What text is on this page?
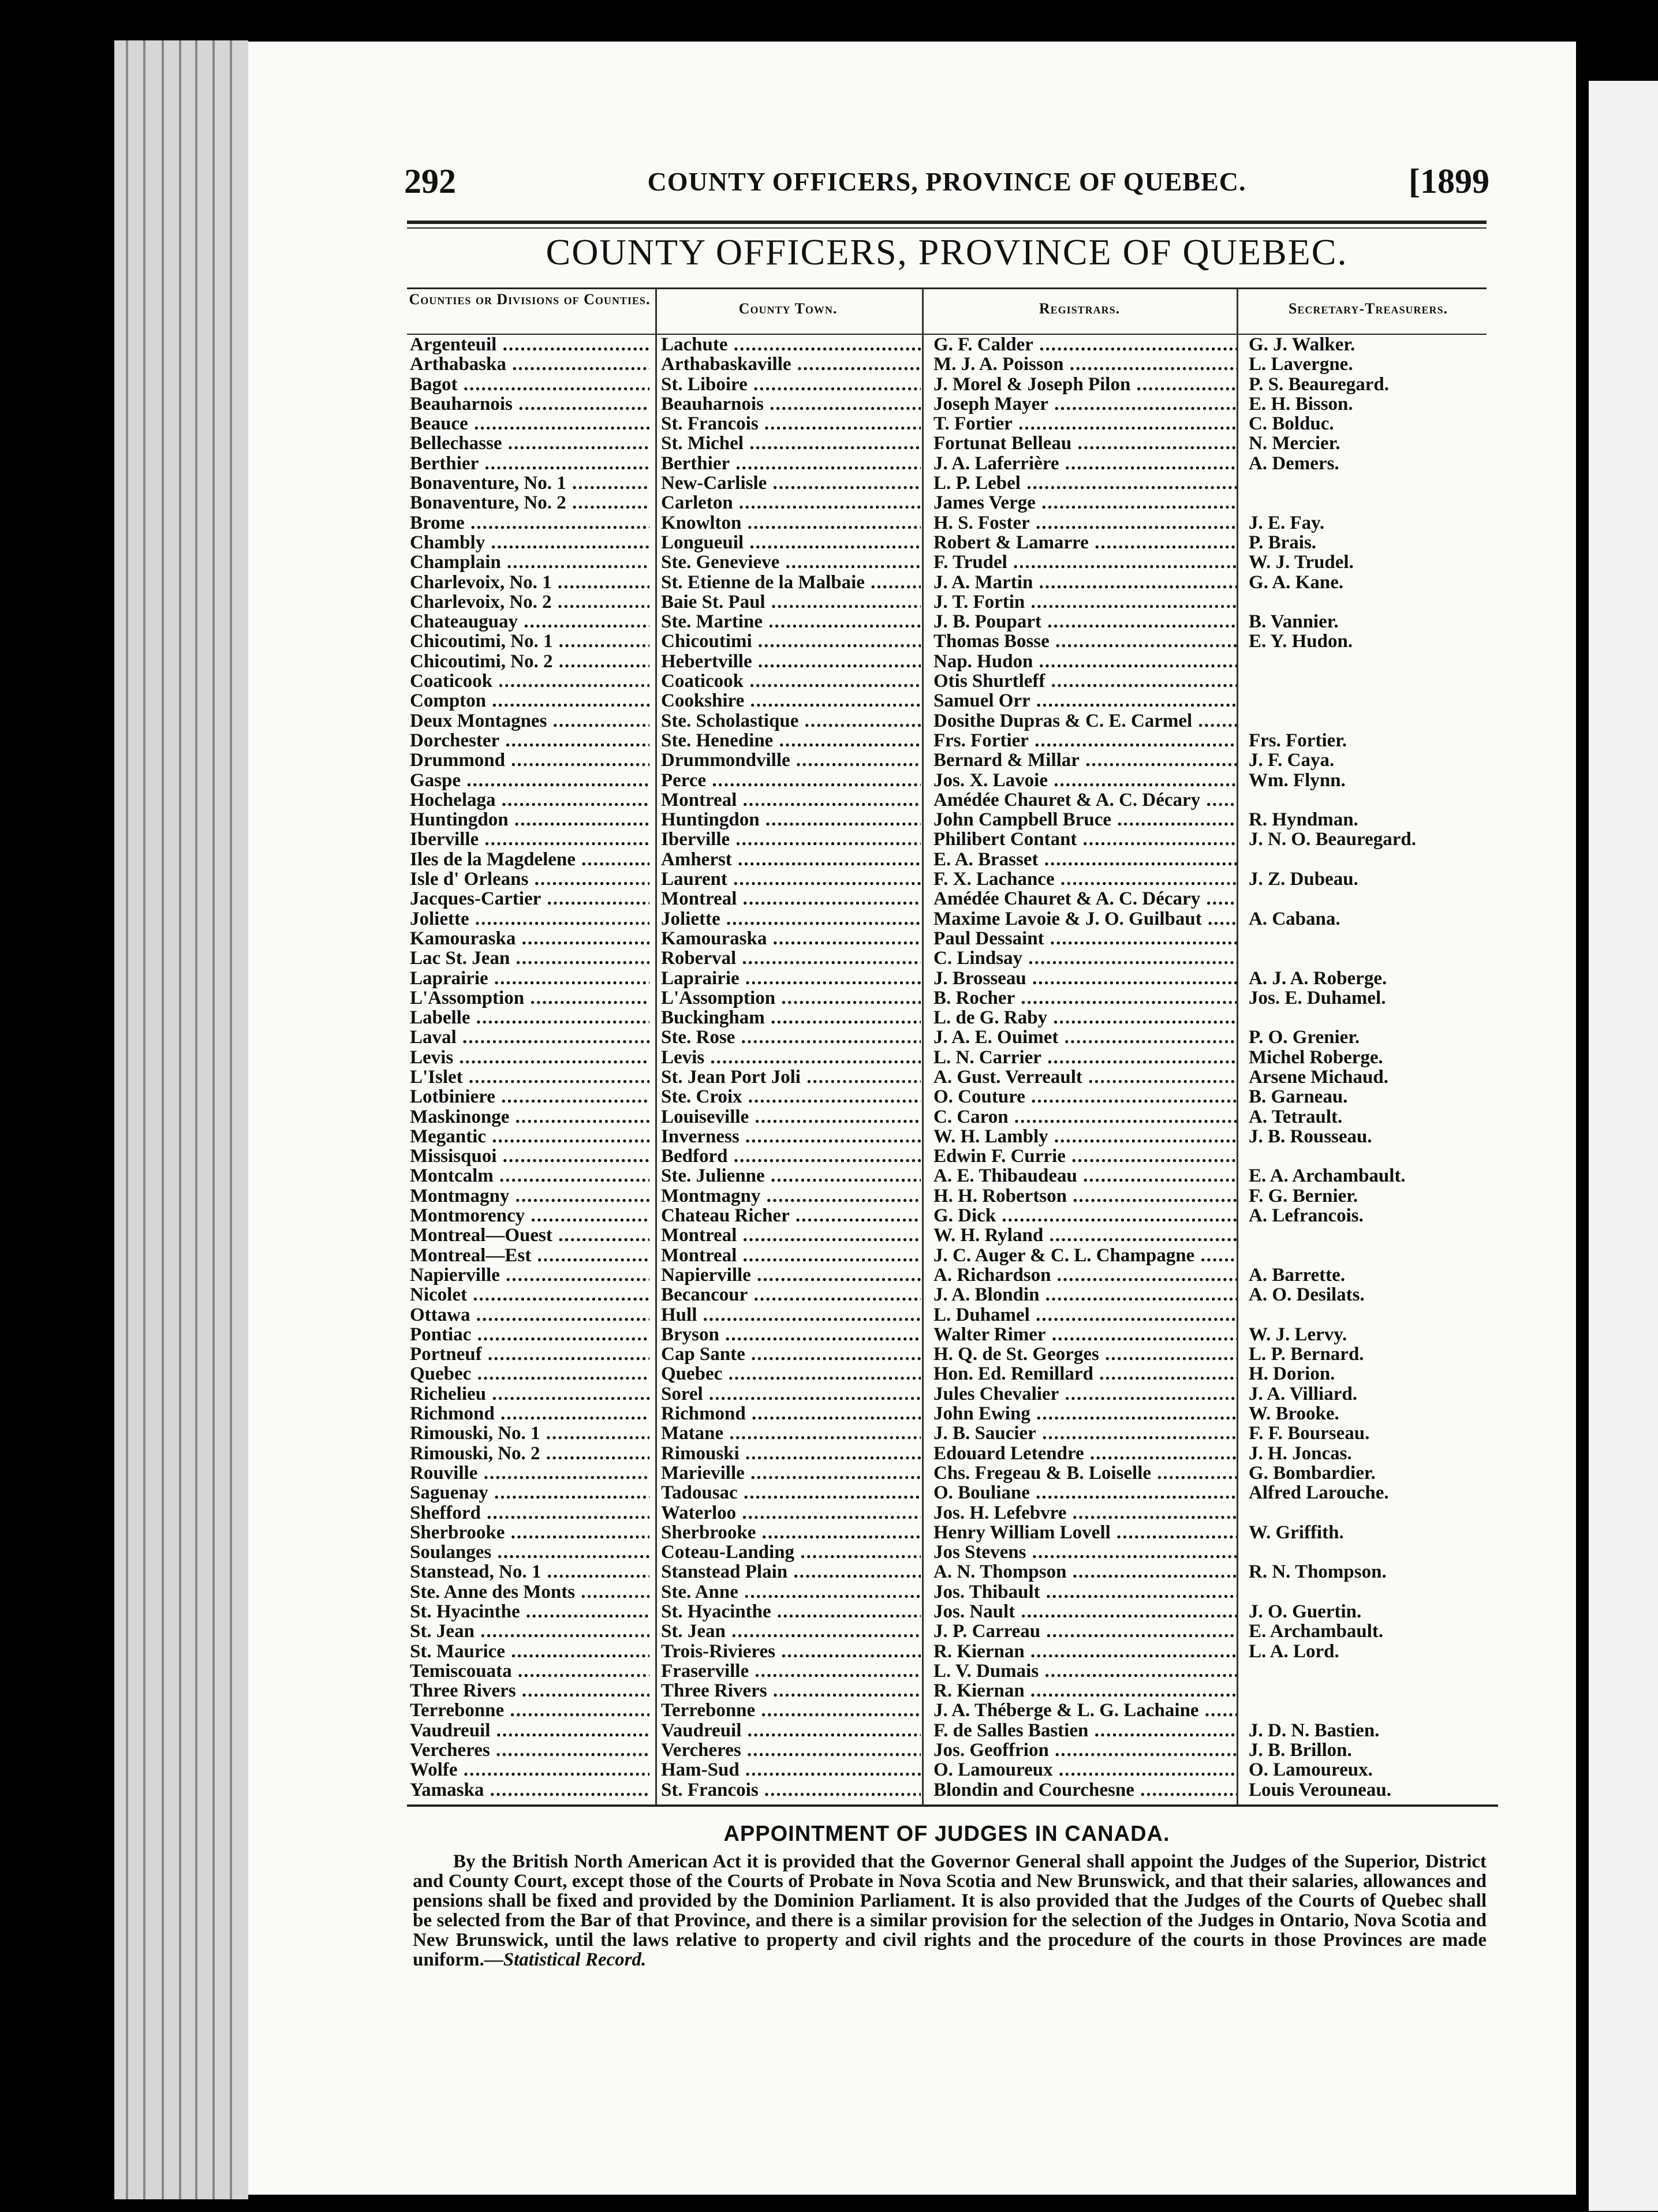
292	COUNTY OFFICERS, PROVINCE OF QUEBEC.	[1899
COUNTY OFFICERS, PROVINCE OF QUEBEC.
Counties or Divisions of Counties.
County Town.	Registrars.	Secretary-Treasurers.
Argenteuil .....	Lachute .....	G. F. Calder .....	G. J. Walker.
Arthabaska .....	Arthabaskaville .....	M. J. A. Poisson .....	L. Lavergne.
Bagot .....	St. Liboire .....	J. Morel & Joseph Pilon .....	P. S. Beauregard.
Beauharnois .....	Beauharnois .....	Joseph Mayer .....	E. H. Bisson.
Beauce .....	St. Francois .....	T. Fortier .....	C. Bolduc.
Bellechasse .....	St. Michel .....	Fortunat Belleau .....	N. Mercier.
Berthier .....	Berthier .....	J. A. Laferrière .....	A. Demers.
Bonaventure, No. 1 .....	New-Carlisle .....	L. P. Lebel .....
Bonaventure, No. 2 .....	Carleton .....	James Verge .....
Brome .....	Knowlton .....	H. S. Foster .....	J. E. Fay.
Chambly .....	Longueuil .....	Robert & Lamarre .....	P. Brais.
Champlain .....	Ste. Genevieve .....	F. Trudel .....	W. J. Trudel.
Charlevoix, No. 1 .....	St. Etienne de la Malbaie .....	J. A. Martin .....	G. A. Kane.
Charlevoix, No. 2 .....	Baie St. Paul .....	J. T. Fortin .....
Chateauguay .....	Ste. Martine .....	J. B. Poupart .....	B. Vannier.
Chicoutimi, No. 1 .....	Chicoutimi .....	Thomas Bosse .....	E. Y. Hudon.
Chicoutimi, No. 2 .....	Hebertville .....	Nap. Hudon .....
Coaticook .....	Coaticook .....	Otis Shurtleff .....
Compton .....	Cookshire .....	Samuel Orr .....
Deux Montagnes .....	Ste. Scholastique .....	Dosithe Dupras & C. E. Carmel .....
Dorchester .....	Ste. Henedine .....	Frs. Fortier .....	Frs. Fortier.
Drummond .....	Drummondville .....	Bernard & Millar .....	J. F. Caya.
Gaspe .....	Perce .....	Jos. X. Lavoie .....	Wm. Flynn.
Hochelaga .....	Montreal .....	Amédée Chauret & A. C. Décary .....
Huntingdon .....	Huntingdon .....	John Campbell Bruce .....	R. Hyndman.
Iberville .....	Iberville .....	Philibert Contant .....	J. N. O. Beauregard.
Iles de la Magdelene .....	Amherst .....	E. A. Brasset .....
Isle d' Orleans .....	Laurent .....	F. X. Lachance .....	J. Z. Dubeau.
Jacques-Cartier .....	Montreal .....	Amédée Chauret & A. C. Décary .....
Joliette .....	Joliette .....	Maxime Lavoie & J. O. Guilbaut .....	A. Cabana.
Kamouraska .....	Kamouraska .....	Paul Dessaint .....
Lac St. Jean .....	Roberval .....	C. Lindsay .....
Laprairie .....	Laprairie .....	J. Brosseau .....	A. J. A. Roberge.
L'Assomption .....	L'Assomption .....	B. Rocher .....	Jos. E. Duhamel.
Labelle .....	Buckingham .....	L. de G. Raby .....
Laval .....	Ste. Rose .....	J. A. E. Ouimet .....	P. O. Grenier.
Levis .....	Levis .....	L. N. Carrier .....	Michel Roberge.
L'Islet .....	St. Jean Port Joli .....	A. Gust. Verreault .....	Arsene Michaud.
Lotbiniere .....	Ste. Croix .....	O. Couture .....	B. Garneau.
Maskinonge .....	Louiseville .....	C. Caron .....	A. Tetrault.
Megantic .....	Inverness .....	W. H. Lambly .....	J. B. Rousseau.
Missisquoi .....	Bedford .....	Edwin F. Currie .....
Montcalm .....	Ste. Julienne .....	A. E. Thibaudeau .....	E. A. Archambault.
Montmagny .....	Montmagny .....	H. H. Robertson .....	F. G. Bernier.
Montmorency .....	Chateau Richer .....	G. Dick .....	A. Lefrancois.
Montreal—Ouest .....	Montreal .....	W. H. Ryland .....
Montreal—Est .....	Montreal .....	J. C. Auger & C. L. Champagne .....
Napierville .....	Napierville .....	A. Richardson .....	A. Barrette.
Nicolet .....	Becancour .....	J. A. Blondin .....	A. O. Desilats.
Ottawa .....	Hull .....	L. Duhamel .....
Pontiac .....	Bryson .....	Walter Rimer .....	W. J. Lervy.
Portneuf .....	Cap Sante .....	H. Q. de St. Georges .....	L. P. Bernard.
Quebec .....	Quebec .....	Hon. Ed. Remillard .....	H. Dorion.
Richelieu .....	Sorel .....	Jules Chevalier .....	J. A. Villiard.
Richmond .....	Richmond .....	John Ewing .....	W. Brooke.
Rimouski, No. 1 .....	Matane .....	J. B. Saucier .....	F. F. Bourseau.
Rimouski, No. 2 .....	Rimouski .....	Edouard Letendre .....	J. H. Joncas.
Rouville .....	Marieville .....	Chs. Fregeau & B. Loiselle .....	G. Bombardier.
Saguenay .....	Tadousac .....	O. Bouliane .....	Alfred Larouche.
Shefford .....	Waterloo .....	Jos. H. Lefebvre .....
Sherbrooke .....	Sherbrooke .....	Henry William Lovell .....	W. Griffith.
Soulanges .....	Coteau-Landing .....	Jos Stevens .....
Stanstead, No. 1 .....	Stanstead Plain .....	A. N. Thompson .....	R. N. Thompson.
Ste. Anne des Monts .....	Ste. Anne .....	Jos. Thibault .....
St. Hyacinthe .....	St. Hyacinthe .....	Jos. Nault .....	J. O. Guertin.
St. Jean .....	St. Jean .....	J. P. Carreau .....	E. Archambault.
St. Maurice .....	Trois-Rivieres .....	R. Kiernan .....	L. A. Lord.
Temiscouata .....	Fraserville .....	L. V. Dumais .....
Three Rivers .....	Three Rivers .....	R. Kiernan .....
Terrebonne .....	Terrebonne .....	J. A. Théberge & L. G. Lachaine .....
Vaudreuil .....	Vaudreuil .....	F. de Salles Bastien .....	J. D. N. Bastien.
Vercheres .....	Vercheres .....	Jos. Geoffrion .....	J. B. Brillon.
Wolfe .....	Ham-Sud .....	O. Lamoureux .....	O. Lamoureux.
Yamaska .....	St. Francois .....	Blondin and Courchesne .....	Louis Verouneau.
APPOINTMENT OF JUDGES IN CANADA.
By the British North American Act it is provided that the Governor General shall appoint the Judges of the Superior, District and County Court, except those of the Courts of Probate in Nova Scotia and New Brunswick, and that their salaries, allowances and pensions shall be fixed and provided by the Dominion Parliament. It is also provided that the Judges of the Courts of Quebec shall be selected from the Bar of that Province, and there is a similar provision for the selection of the Judges in Ontario, Nova Scotia and New Brunswick, until the laws relative to property and civil rights and the procedure of the courts in those Provinces are made uniform.—Statistical Record.
